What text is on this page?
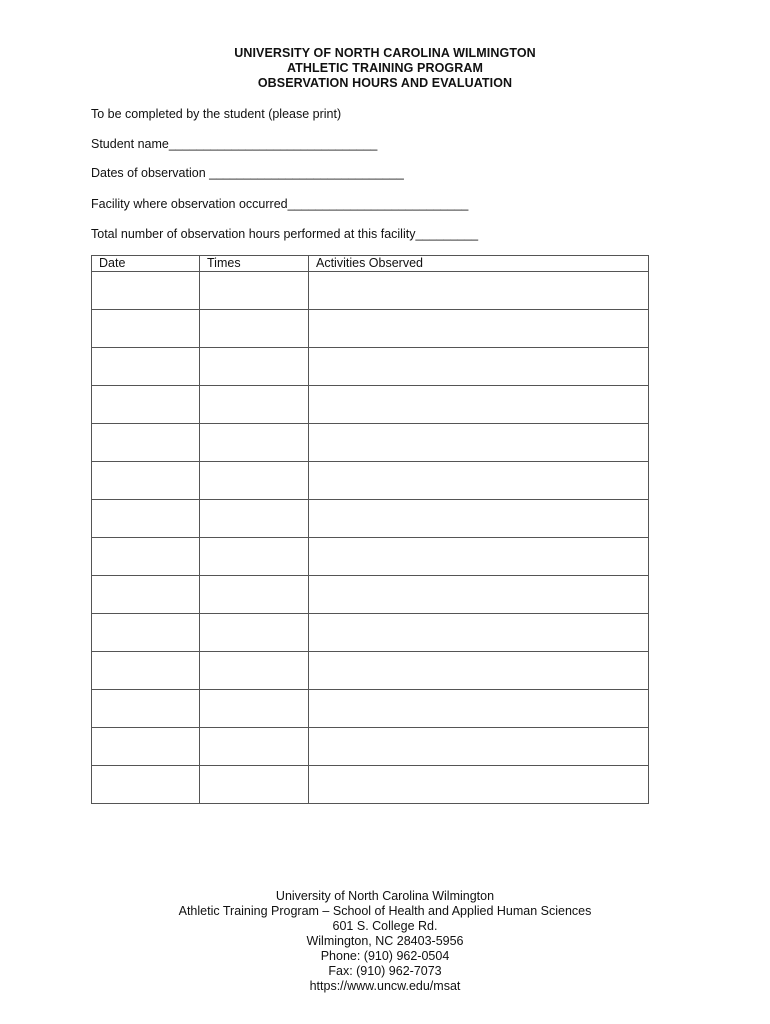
UNIVERSITY OF NORTH CAROLINA WILMINGTON
ATHLETIC TRAINING PROGRAM
OBSERVATION HOURS AND EVALUATION
To be completed by the student (please print)
Student name______________________________
Dates of observation ____________________________
Facility where observation occurred__________________________
Total number of observation hours performed at this facility_________
Date	Times	Activities Observed

University of North Carolina Wilmington
Athletic Training Program – School of Health and Applied Human Sciences
601 S. College Rd.
Wilmington, NC 28403-5956
Phone: (910) 962-0504
Fax: (910) 962-7073
https://www.uncw.edu/msat
